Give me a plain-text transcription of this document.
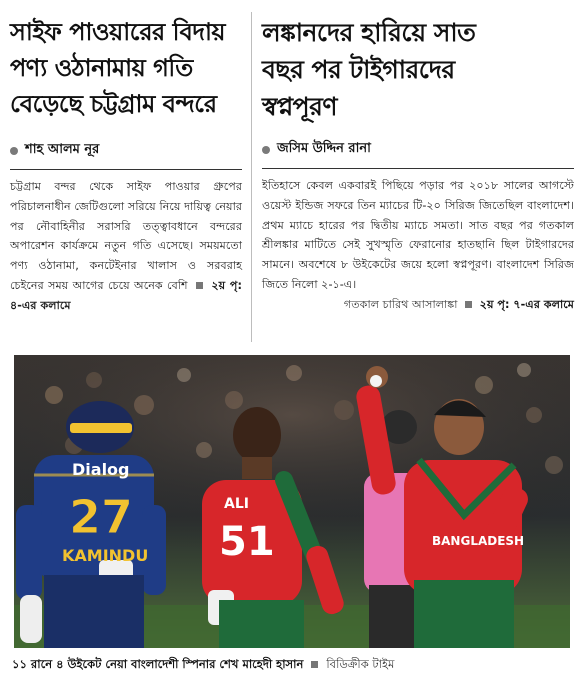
সাইফ পাওয়ারের বিদায়
পণ্য ওঠানামায় গতি
বেড়েছে চট্টগ্রাম বন্দরে
শাহ আলম নূর
চট্টগ্রাম বন্দর থেকে সাইফ পাওয়ার গ্রুপের পরিচালনাধীন জেটিগুলো সরিয়ে নিয়ে দায়িত্ব নেয়ার পর নৌবাহিনীর সরাসরি তত্ত্বাবধানে বন্দরের অপারেশন কার্যক্রমে নতুন গতি এসেছে। সময়মতো পণ্য ওঠানামা, কনটেইনার খালাস ও সরবরাহ চেইনের সময় আগের চেয়ে অনেক বেশি ২য় পৃ: ৪-এর কলামে
লঙ্কানদের হারিয়ে সাত
বছর পর টাইগারদের
স্বপ্নপূরণ
জসিম উদ্দিন রানা
ইতিহাসে কেবল একবারই পিছিয়ে পড়ার পর ২০১৮ সালের আগস্টে ওয়েস্ট ইন্ডিজ সফরে তিন ম্যাচের টি-২০ সিরিজ জিতেছিল বাংলাদেশ। প্রথম ম্যাচে হারের পর দ্বিতীয় ম্যাচে সমতা। সাত বছর পর গতকাল শ্রীলঙ্কার মাটিতে সেই সুখস্মৃতি ফেরানোর হাতছানি ছিল টাইগারদের সামনে। অবশেষে ৮ উইকেটের জয়ে হলো স্বপ্নপূরণ। বাংলাদেশ সিরিজ জিতে নিলো ২-১-এ।
গতকাল চারিথ আসালাঙ্কা ২য় পৃ: ৭-এর কলামে
Dialog
27
KAMINDU
ALI
51	BANGLADESH
১১ রানে ৪ উইকেট নেয়া বাংলাদেশী স্পিনার শেখ মাহেদী হাসান বিডিক্রীক টাইম
